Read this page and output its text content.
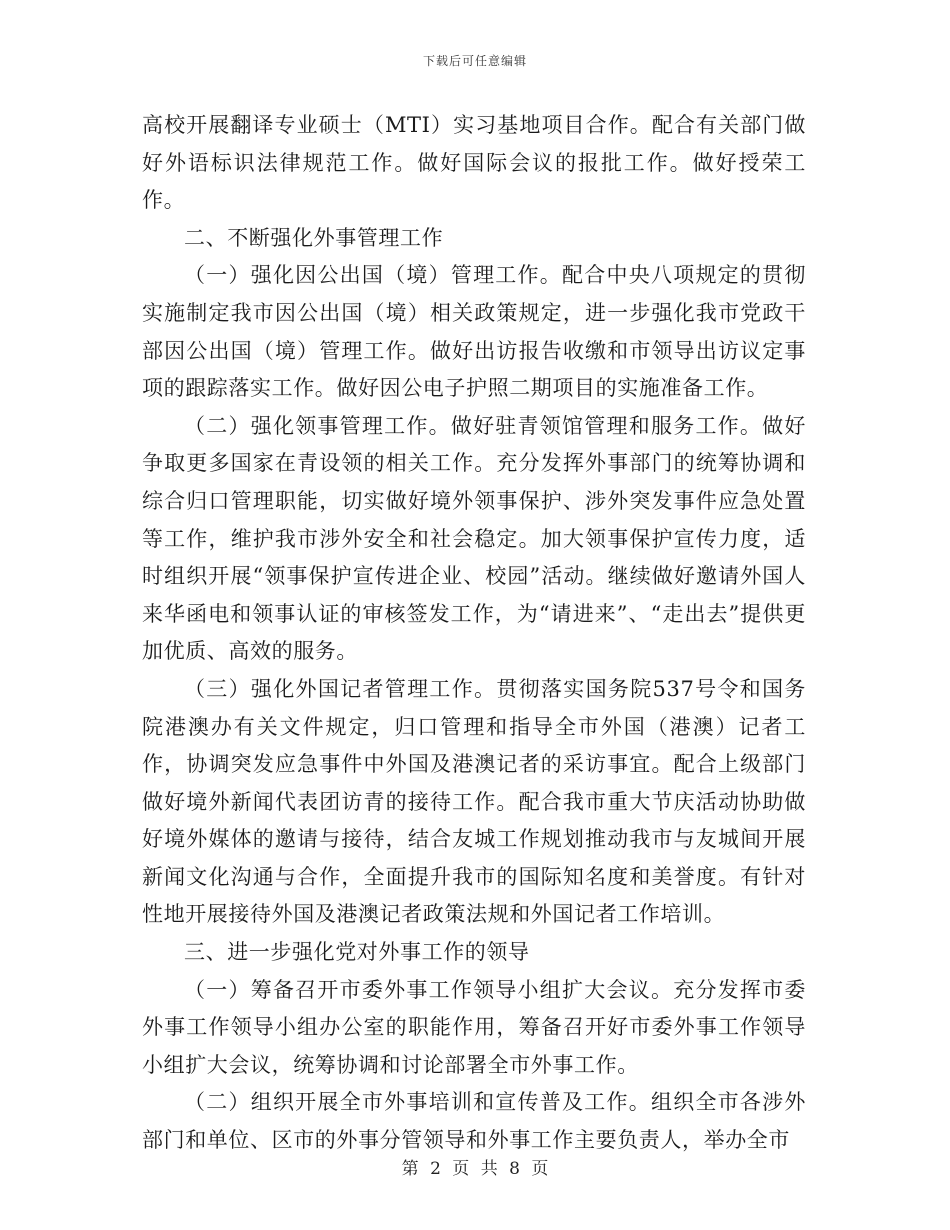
下载后可任意编辑

高校开展翻译专业硕士（MTI）实习基地项目合作。配合有关部门做好外语标识法律规范工作。做好国际会议的报批工作。做好授荣工作。

二、不断强化外事管理工作

（一）强化因公出国（境）管理工作。配合中央八项规定的贯彻实施制定我市因公出国（境）相关政策规定，进一步强化我市党政干部因公出国（境）管理工作。做好出访报告收缴和市领导出访议定事项的跟踪落实工作。做好因公电子护照二期项目的实施准备工作。

（二）强化领事管理工作。做好驻青领馆管理和服务工作。做好争取更多国家在青设领的相关工作。充分发挥外事部门的统筹协调和综合归口管理职能，切实做好境外领事保护、涉外突发事件应急处置等工作，维护我市涉外安全和社会稳定。加大领事保护宣传力度，适时组织开展“领事保护宣传进企业、校园”活动。继续做好邀请外国人来华函电和领事认证的审核签发工作，为“请进来”、“走出去”提供更加优质、高效的服务。

（三）强化外国记者管理工作。贯彻落实国务院537号令和国务院港澳办有关文件规定，归口管理和指导全市外国（港澳）记者工作，协调突发应急事件中外国及港澳记者的采访事宜。配合上级部门做好境外新闻代表团访青的接待工作。配合我市重大节庆活动协助做好境外媒体的邀请与接待，结合友城工作规划推动我市与友城间开展新闻文化沟通与合作，全面提升我市的国际知名度和美誉度。有针对性地开展接待外国及港澳记者政策法规和外国记者工作培训。

三、进一步强化党对外事工作的领导

（一）筹备召开市委外事工作领导小组扩大会议。充分发挥市委外事工作领导小组办公室的职能作用，筹备召开好市委外事工作领导小组扩大会议，统筹协调和讨论部署全市外事工作。

（二）组织开展全市外事培训和宣传普及工作。组织全市各涉外部门和单位、区市的外事分管领导和外事工作主要负责人，举办全市

第 2 页 共 8 页
